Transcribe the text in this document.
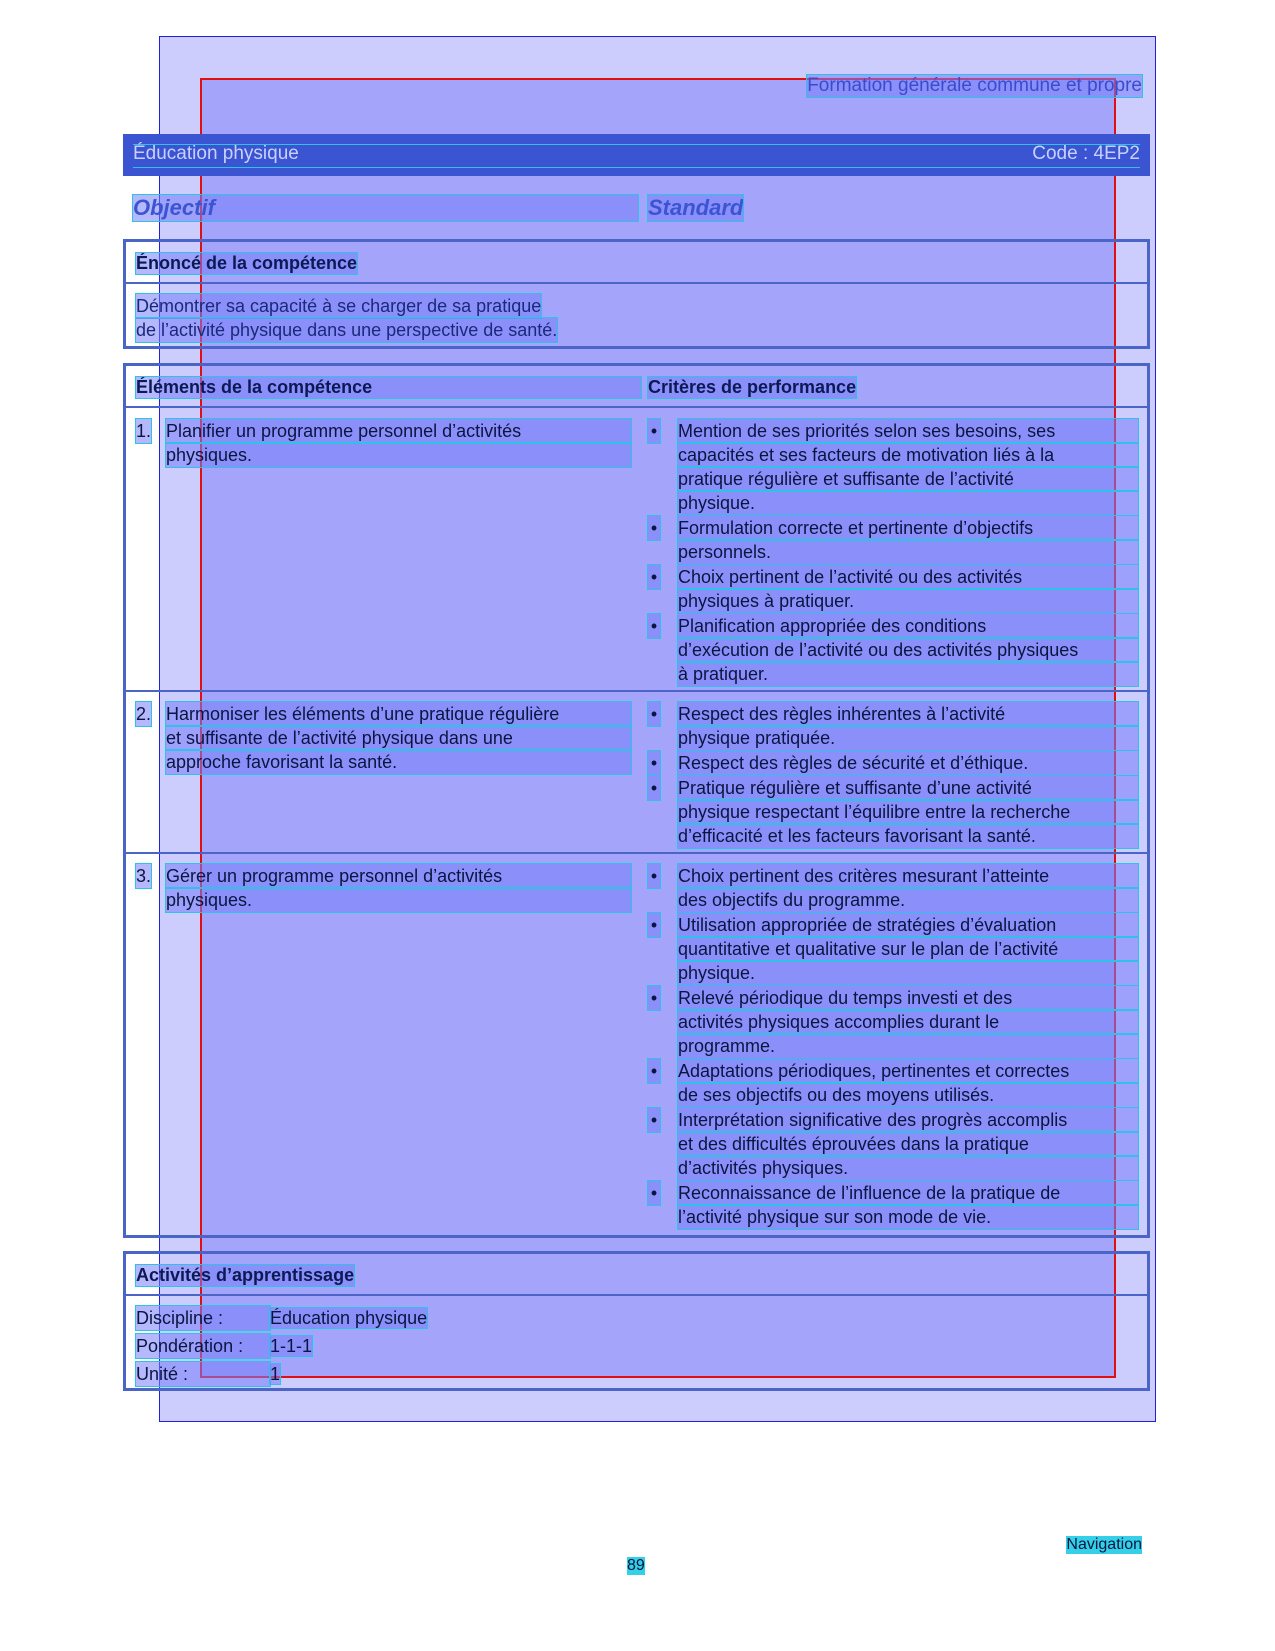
Formation générale commune et propre
Éducation physique	Code : 4EP2
Objectif	Standard
Énoncé de la compétence
Démontrer sa capacité à se charger de sa pratique
de l’activité physique dans une perspective de santé.
Éléments de la compétence	Critères de performance
1. Planifier un programme personnel d’activités
physiques.
• Mention de ses priorités selon ses besoins, ses
capacités et ses facteurs de motivation liés à la
pratique régulière et suffisante de l’activité
physique.
• Formulation correcte et pertinente d’objectifs
personnels.
• Choix pertinent de l’activité ou des activités
physiques à pratiquer.
• Planification appropriée des conditions
d’exécution de l’activité ou des activités physiques
à pratiquer.
2. Harmoniser les éléments d’une pratique régulière
et suffisante de l’activité physique dans une
approche favorisant la santé.
• Respect des règles inhérentes à l’activité
physique pratiquée.
• Respect des règles de sécurité et d’éthique.
• Pratique régulière et suffisante d’une activité
physique respectant l’équilibre entre la recherche
d’efficacité et les facteurs favorisant la santé.
3. Gérer un programme personnel d’activités
physiques.
• Choix pertinent des critères mesurant l’atteinte
des objectifs du programme.
• Utilisation appropriée de stratégies d’évaluation
quantitative et qualitative sur le plan de l’activité
physique.
• Relevé périodique du temps investi et des
activités physiques accomplies durant le
programme.
• Adaptations périodiques, pertinentes et correctes
de ses objectifs ou des moyens utilisés.
• Interprétation significative des progrès accomplis
et des difficultés éprouvées dans la pratique
d’activités physiques.
• Reconnaissance de l’influence de la pratique de
l’activité physique sur son mode de vie.
Activités d’apprentissage
Discipline :	Éducation physique
Pondération : 1-1-1
Unité :	1
Navigation
89
